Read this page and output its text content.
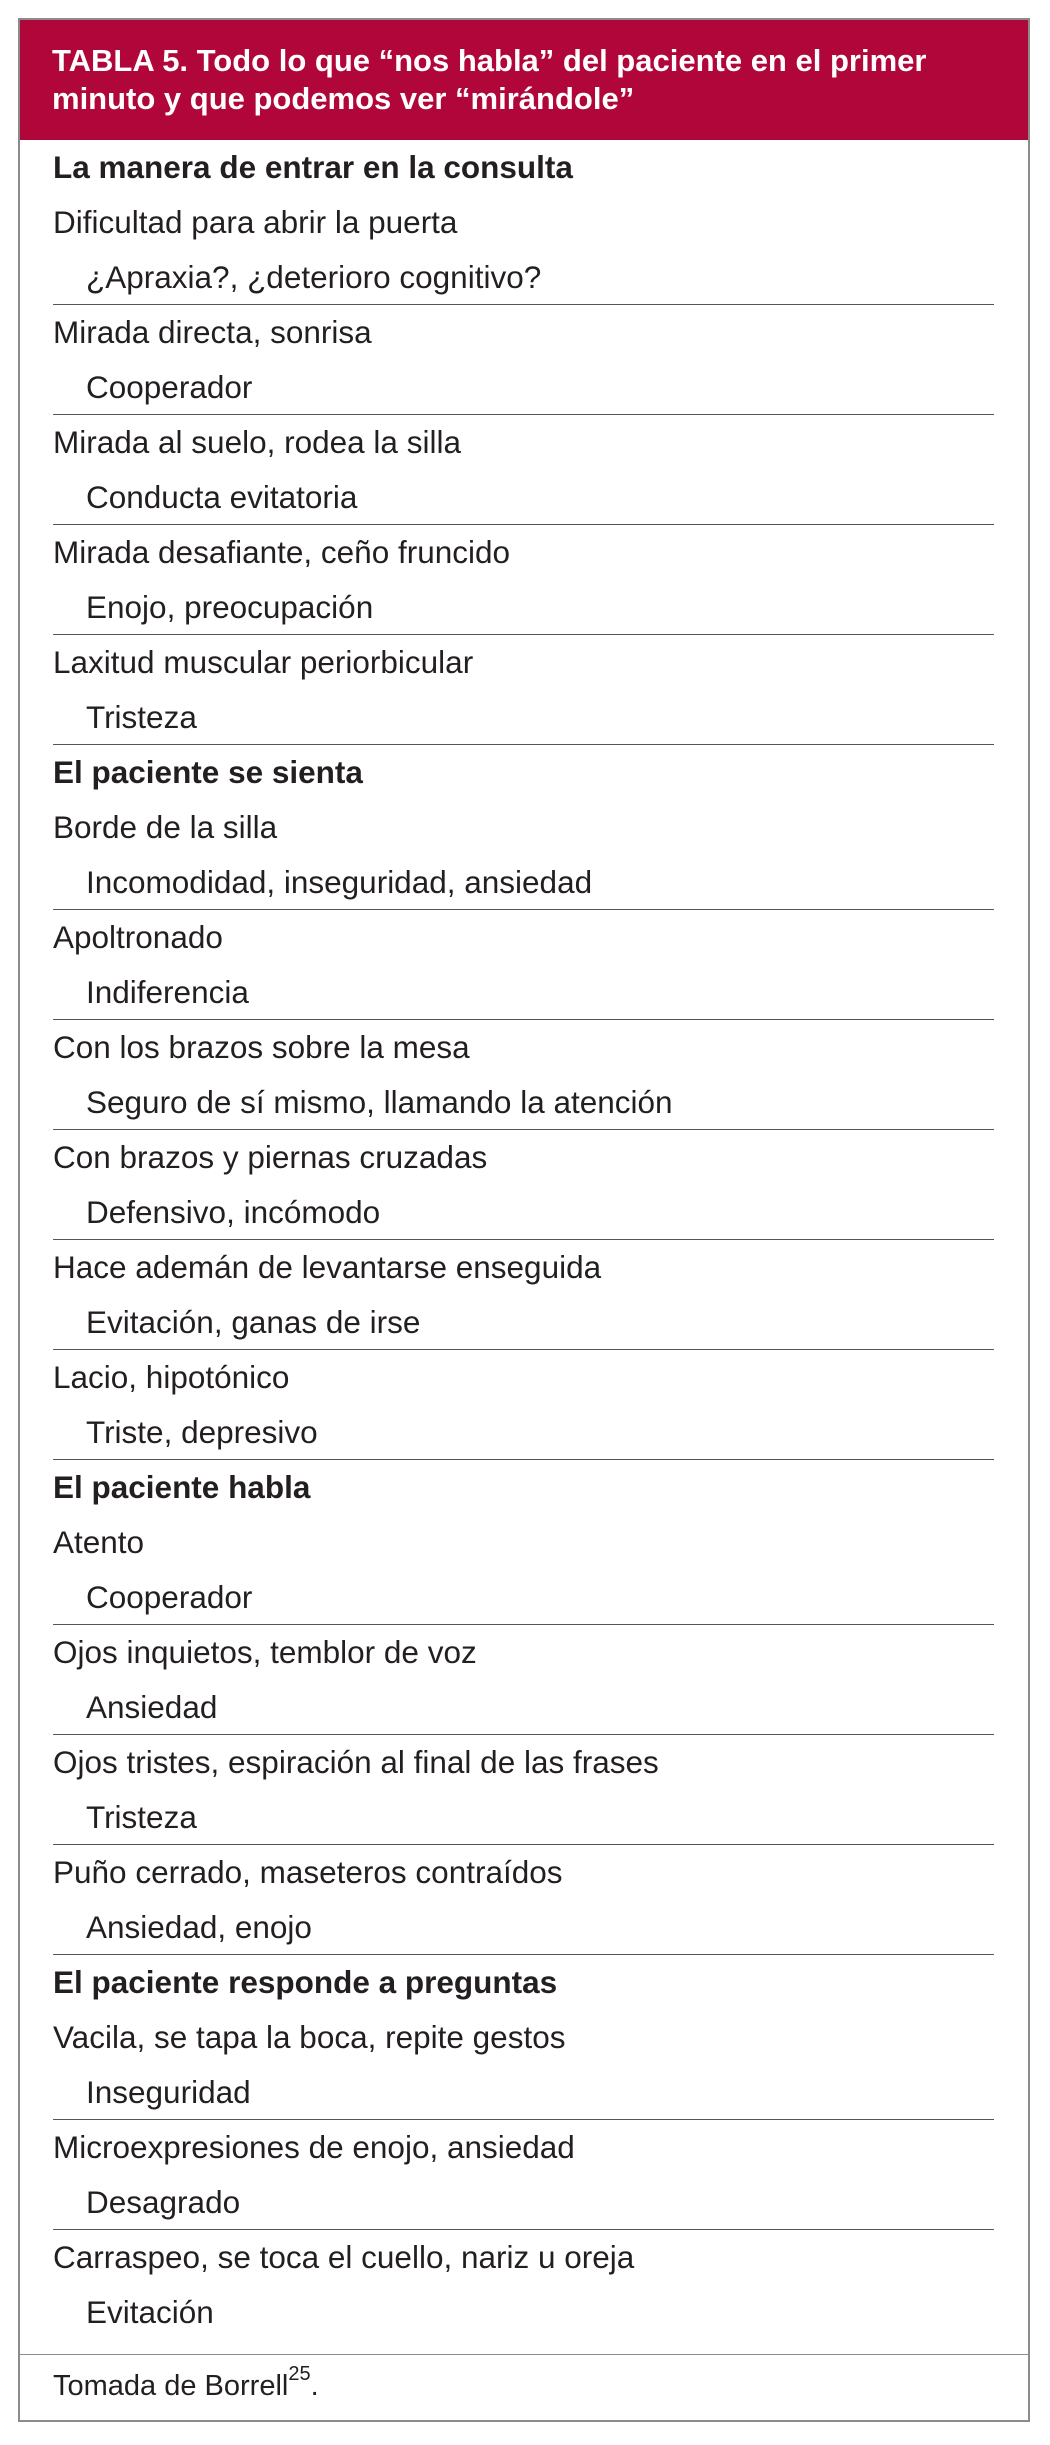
TABLA 5. Todo lo que “nos habla” del paciente en el primer
minuto y que podemos ver “mirándole”
La manera de entrar en la consulta
Dificultad para abrir la puerta
¿Apraxia?, ¿deterioro cognitivo?
Mirada directa, sonrisa
Cooperador
Mirada al suelo, rodea la silla
Conducta evitatoria
Mirada desafiante, ceño fruncido
Enojo, preocupación
Laxitud muscular periorbicular
Tristeza
El paciente se sienta
Borde de la silla
Incomodidad, inseguridad, ansiedad
Apoltronado
Indiferencia
Con los brazos sobre la mesa
Seguro de sí mismo, llamando la atención
Con brazos y piernas cruzadas
Defensivo, incómodo
Hace ademán de levantarse enseguida
Evitación, ganas de irse
Lacio, hipotónico
Triste, depresivo
El paciente habla
Atento
Cooperador
Ojos inquietos, temblor de voz
Ansiedad
Ojos tristes, espiración al final de las frases
Tristeza
Puño cerrado, maseteros contraídos
Ansiedad, enojo
El paciente responde a preguntas
Vacila, se tapa la boca, repite gestos
Inseguridad
Microexpresiones de enojo, ansiedad
Desagrado
Carraspeo, se toca el cuello, nariz u oreja
Evitación
Tomada de Borrell$^{25}$.
